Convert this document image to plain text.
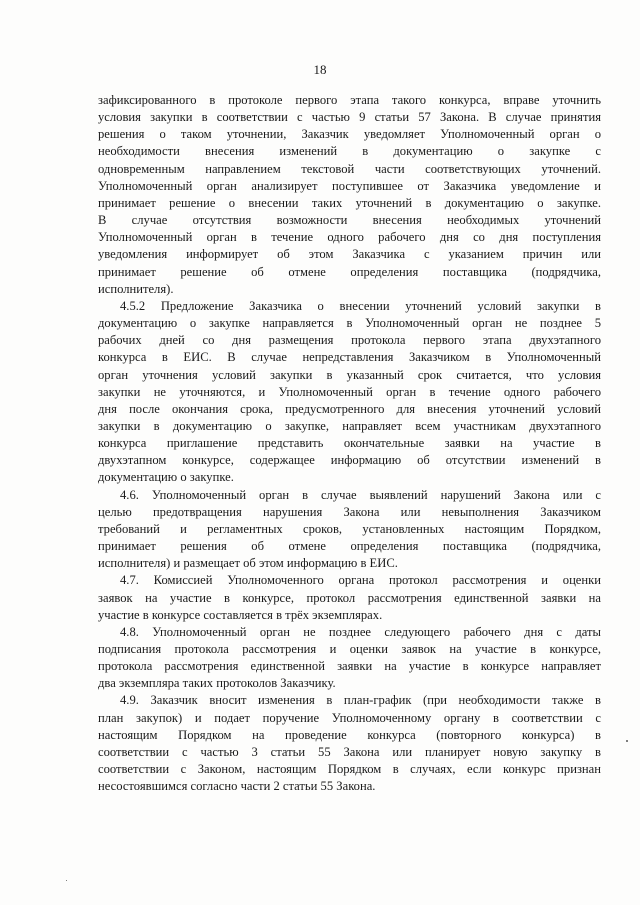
18
зафиксированного в протоколе первого этапа такого конкурса, вправе уточнить
условия закупки в соответствии с частью 9 статьи 57 Закона. В случае принятия
решения о таком уточнении, Заказчик уведомляет Уполномоченный орган о
необходимости внесения изменений в документацию о закупке с
одновременным направлением текстовой части соответствующих уточнений.
Уполномоченный орган анализирует поступившее от Заказчика уведомление и
принимает решение о внесении таких уточнений в документацию о закупке.
В случае отсутствия возможности внесения необходимых уточнений
Уполномоченный орган в течение одного рабочего дня со дня поступления
уведомления информирует об этом Заказчика с указанием причин или
принимает решение об отмене определения поставщика (подрядчика,
исполнителя).
4.5.2 Предложение Заказчика о внесении уточнений условий закупки в
документацию о закупке направляется в Уполномоченный орган не позднее 5
рабочих дней со дня размещения протокола первого этапа двухэтапного
конкурса в ЕИС. В случае непредставления Заказчиком в Уполномоченный
орган уточнения условий закупки в указанный срок считается, что условия
закупки не уточняются, и Уполномоченный орган в течение одного рабочего
дня после окончания срока, предусмотренного для внесения уточнений условий
закупки в документацию о закупке, направляет всем участникам двухэтапного
конкурса приглашение представить окончательные заявки на участие в
двухэтапном конкурсе, содержащее информацию об отсутствии изменений в
документацию о закупке.
4.6. Уполномоченный орган в случае выявлений нарушений Закона или с
целью предотвращения нарушения Закона или невыполнения Заказчиком
требований и регламентных сроков, установленных настоящим Порядком,
принимает решения об отмене определения поставщика (подрядчика,
исполнителя) и размещает об этом информацию в ЕИС.
4.7. Комиссией Уполномоченного органа протокол рассмотрения и оценки
заявок на участие в конкурсе, протокол рассмотрения единственной заявки на
участие в конкурсе составляется в трёх экземплярах.
4.8. Уполномоченный орган не позднее следующего рабочего дня с даты
подписания протокола рассмотрения и оценки заявок на участие в конкурсе,
протокола рассмотрения единственной заявки на участие в конкурсе направляет
два экземпляра таких протоколов Заказчику.
4.9. Заказчик вносит изменения в план-график (при необходимости также в
план закупок) и подает поручение Уполномоченному органу в соответствии с
настоящим Порядком на проведение конкурса (повторного конкурса) в
соответствии с частью 3 статьи 55 Закона или планирует новую закупку в
соответствии с Законом, настоящим Порядком в случаях, если конкурс признан
несостоявшимся согласно части 2 статьи 55 Закона.
